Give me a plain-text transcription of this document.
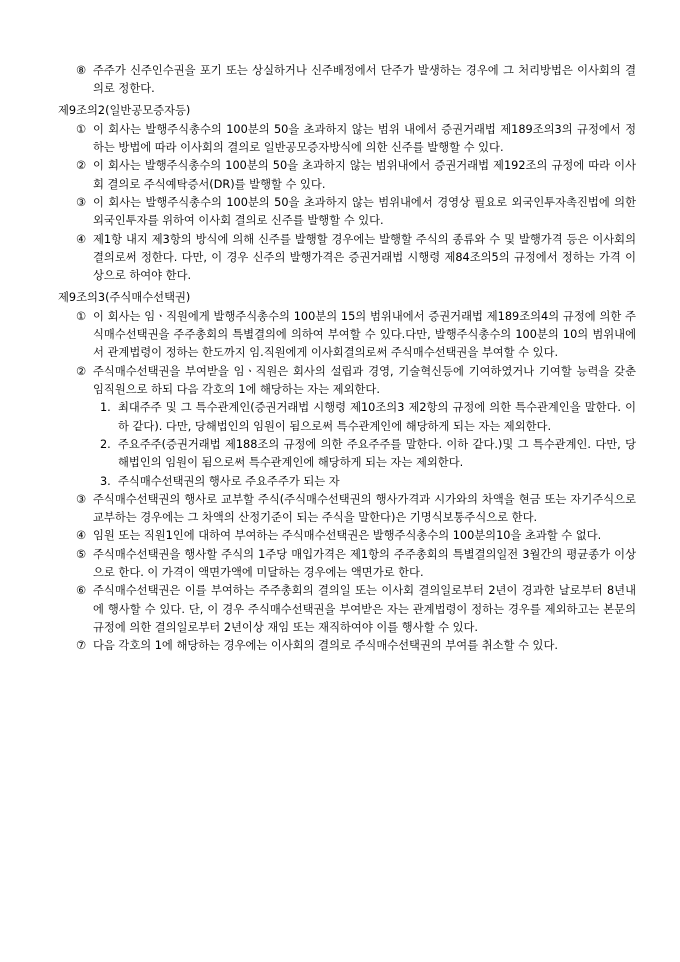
⑧ 주주가 신주인수권을 포기 또는 상실하거나 신주배정에서 단주가 발생하는 경우에 그 처리방법은 이사회의 결의로 정한다.
제9조의2(일반공모증자등)
① 이 회사는 발행주식총수의 100분의 50을 초과하지 않는 범위 내에서 증권거래법 제189조의3의 규정에서 정하는 방법에 따라 이사회의 결의로 일반공모증자방식에 의한 신주를 발행할 수 있다.
② 이 회사는 발행주식총수의 100분의 50을 초과하지 않는 범위내에서 증권거래법 제192조의 규정에 따라 이사회 결의로 주식예탁증서(DR)를 발행할 수 있다.
③ 이 회사는 발행주식총수의 100분의 50을 초과하지 않는 범위내에서 경영상 필요로 외국인투자촉진법에 의한 외국인투자를 위하여 이사회 결의로 신주를 발행할 수 있다.
④ 제1항 내지 제3항의 방식에 의해 신주를 발행할 경우에는 발행할 주식의 종류와 수 및 발행가격 등은 이사회의 결의로써 정한다. 다만, 이 경우 신주의 발행가격은 증권거래법 시행령 제84조의5의 규정에서 정하는 가격 이상으로 하여야 한다.
제9조의3(주식매수선택권)
① 이 회사는 임ㆍ직원에게 발행주식총수의 100분의 15의 범위내에서 증권거래법 제189조의4의 규정에 의한 주식매수선택권을 주주총회의 특별결의에 의하여 부여할 수 있다.다만, 발행주식총수의 100분의 10의 범위내에서 관계법령이 정하는 한도까지 임.직원에게 이사회결의로써 주식매수선택권을 부여할 수 있다.
② 주식매수선택권을 부여받을 임ㆍ직원은 회사의 설립과 경영, 기술혁신등에 기여하였거나 기여할 능력을 갖춘 임직원으로 하되 다음 각호의 1에 해당하는 자는 제외한다.
1. 최대주주 및 그 특수관계인(증권거래법 시행령 제10조의3 제2항의 규정에 의한 특수관계인을 말한다. 이하 같다). 다만, 당해법인의 임원이 됨으로써 특수관계인에 해당하게 되는 자는 제외한다.
2. 주요주주(증권거래법 제188조의 규정에 의한 주요주주를 말한다. 이하 같다.)및 그 특수관계인. 다만, 당해법인의 임원이 됨으로써 특수관계인에 해당하게 되는 자는 제외한다.
3. 주식매수선택권의 행사로 주요주주가 되는 자
③ 주식매수선택권의 행사로 교부할 주식(주식매수선택권의 행사가격과 시가와의 차액을 현금 또는 자기주식으로 교부하는 경우에는 그 차액의 산정기준이 되는 주식을 말한다)은 기명식보통주식으로 한다.
④ 임원 또는 직원1인에 대하여 부여하는 주식매수선택권은 발행주식총수의 100분의10을 초과할 수 없다.
⑤ 주식매수선택권을 행사할 주식의 1주당 매입가격은 제1항의 주주총회의 특별결의일전 3월간의 평균종가 이상으로 한다. 이 가격이 액면가액에 미달하는 경우에는 액면가로 한다.
⑥ 주식매수선택권은 이를 부여하는 주주총회의 결의일 또는 이사회 결의일로부터 2년이 경과한 날로부터 8년내에 행사할 수 있다. 단, 이 경우 주식매수선택권을 부여받은 자는 관계법령이 정하는 경우를 제외하고는 본문의 규정에 의한 결의일로부터 2년이상 재임 또는 재직하여야 이를 행사할 수 있다.
⑦ 다음 각호의 1에 해당하는 경우에는 이사회의 결의로 주식매수선택권의 부여를 취소할 수 있다.
